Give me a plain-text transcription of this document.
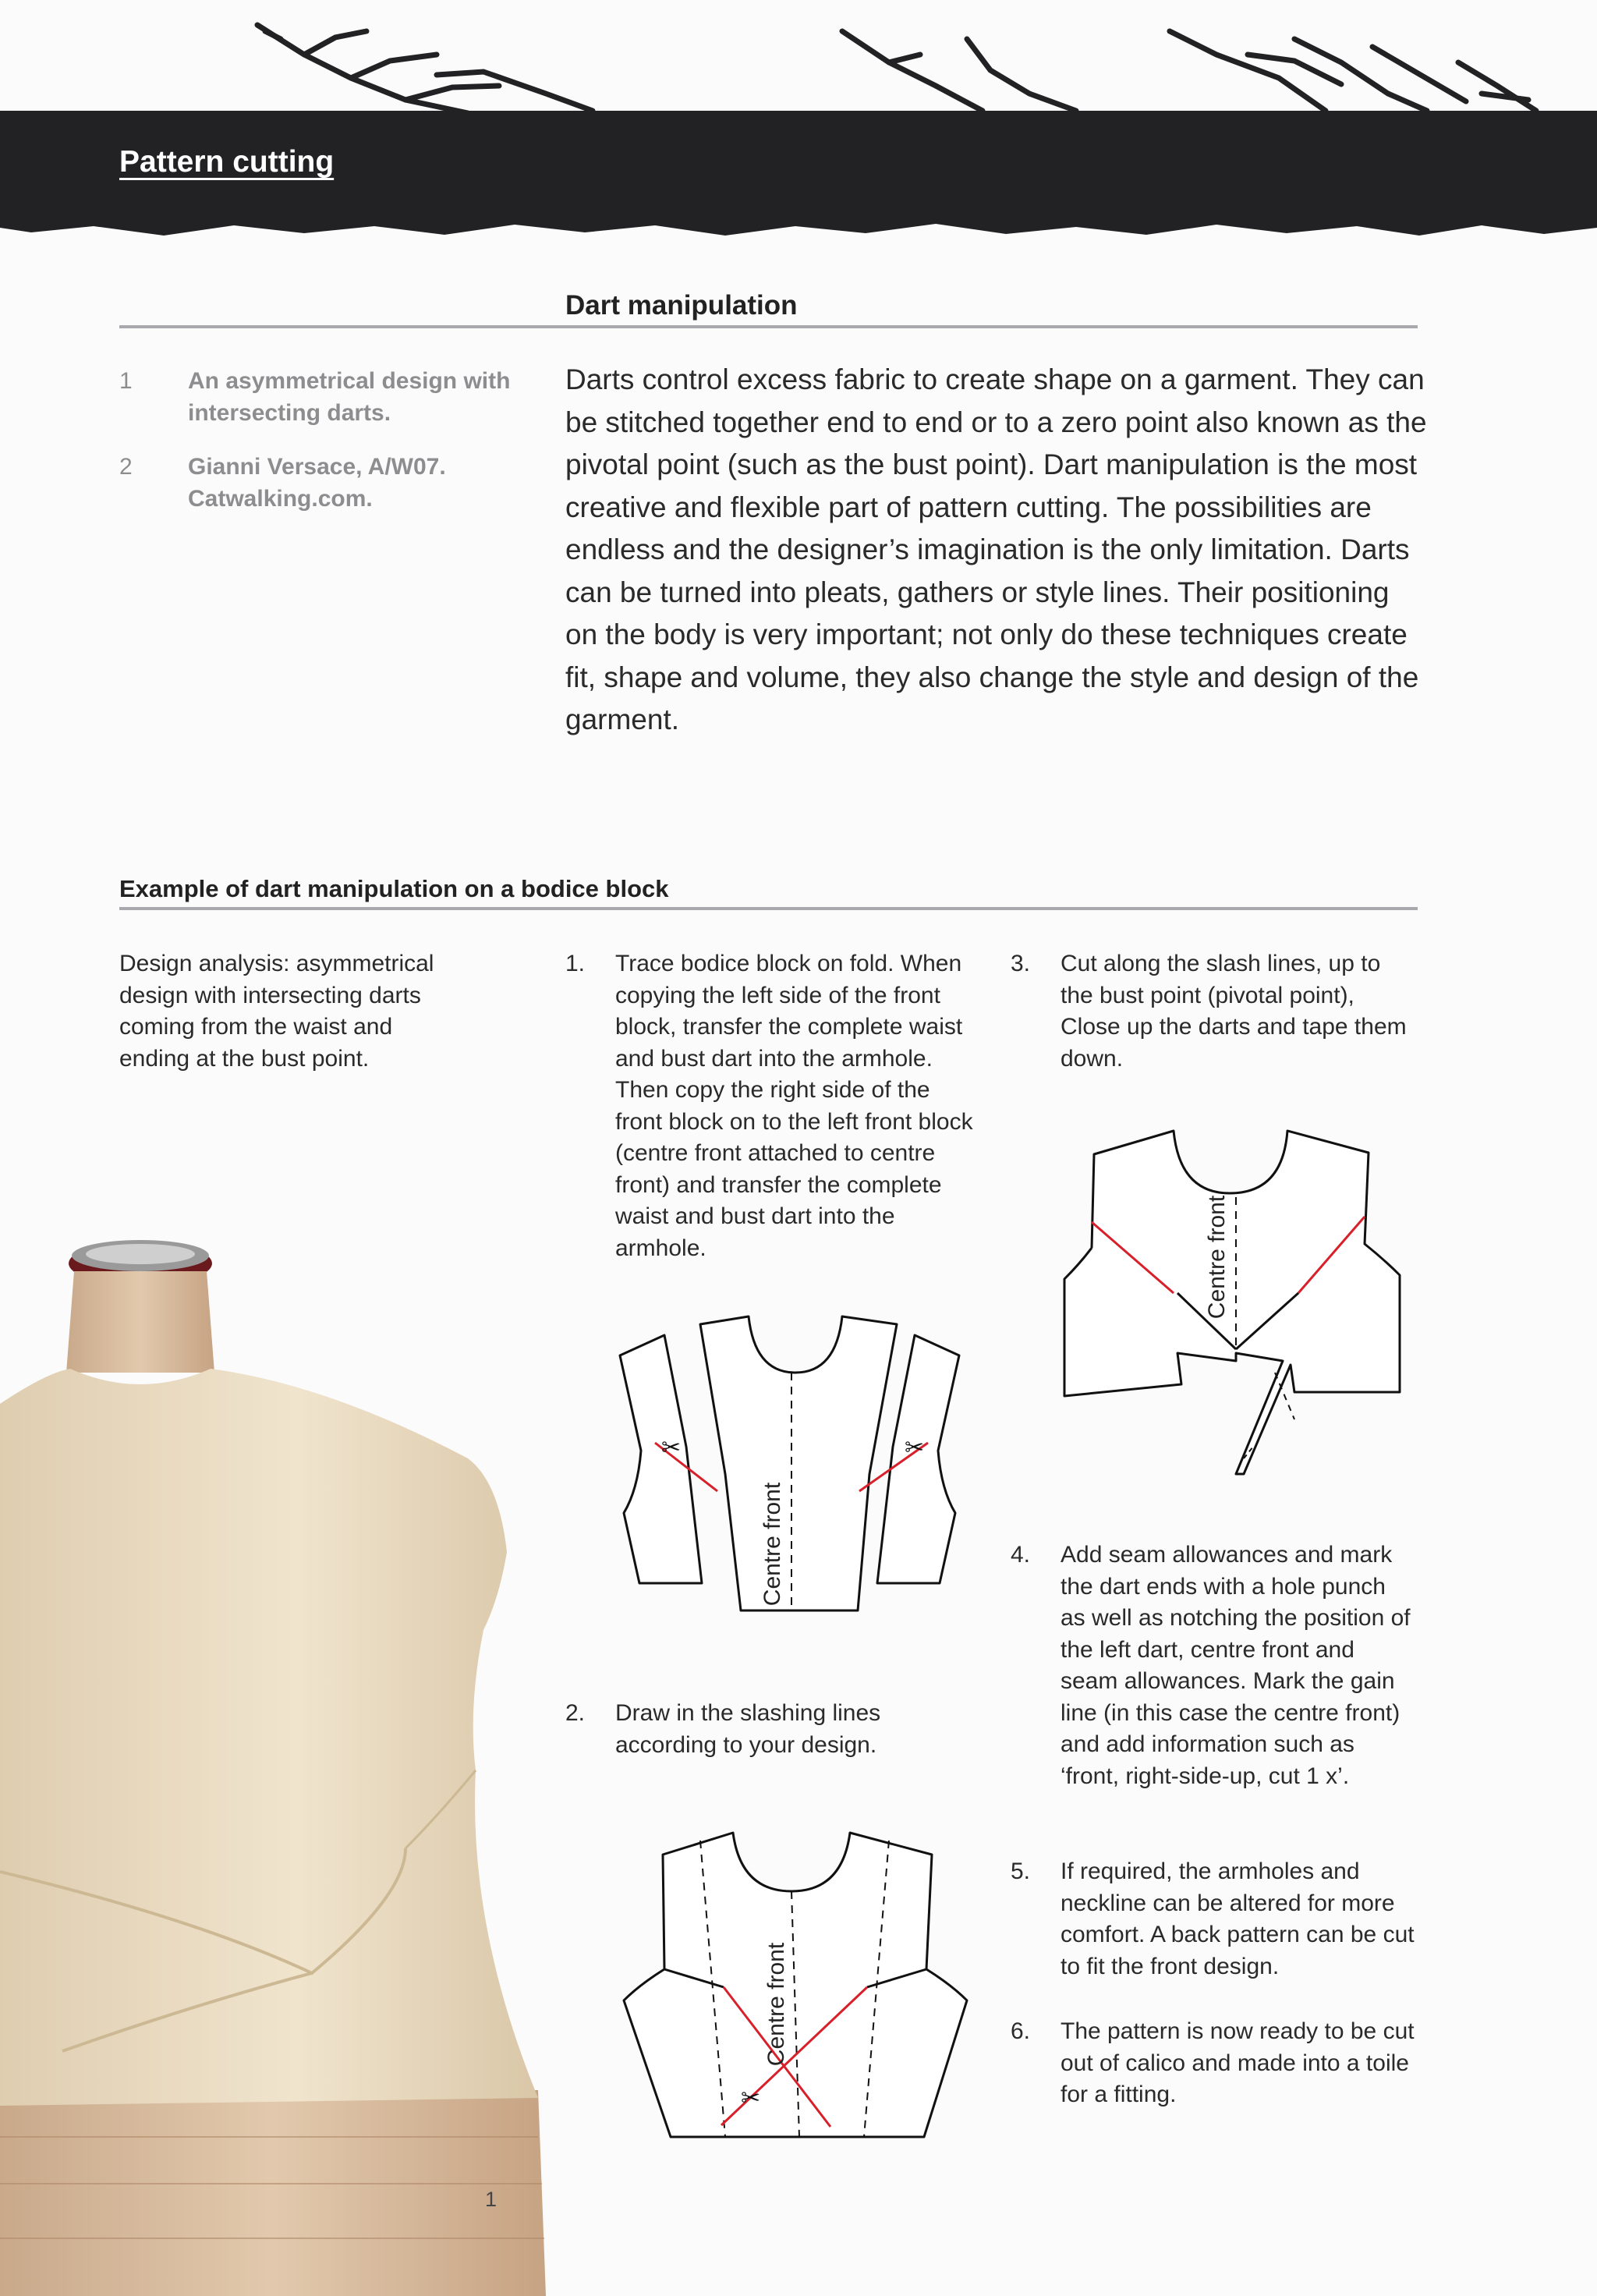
Pattern cutting
Dart manipulation
1	An asymmetrical design with intersecting darts.
2	Gianni Versace, A/W07. Catwalking.com.
Darts control excess fabric to create shape on a garment. They can be stitched together end to end or to a zero point also known as the pivotal point (such as the bust point). Dart manipulation is the most creative and flexible part of pattern cutting. The possibilities are endless and the designer’s imagination is the only limitation. Darts can be turned into pleats, gathers or style lines. Their positioning on the body is very important; not only do these techniques create fit, shape and volume, they also change the style and design of the garment.
Example of dart manipulation on a bodice block
Design analysis: asymmetrical design with intersecting darts coming from the waist and ending at the bust point.
1.	Trace bodice block on fold. When copying the left side of the front block, transfer the complete waist and bust dart into the armhole. Then copy the right side of the front block on to the left front block (centre front attached to centre front) and transfer the complete waist and bust dart into the armhole.
2.	Draw in the slashing lines according to your design.
3.	Cut along the slash lines, up to the bust point (pivotal point), Close up the darts and tape them down.
4.	Add seam allowances and mark the dart ends with a hole punch as well as notching the position of the left dart, centre front and seam allowances. Mark the gain line (in this case the centre front) and add information such as ‘front, right-side-up, cut 1 x’.
5.	If required, the armholes and neckline can be altered for more comfort. A back pattern can be cut to fit the front design.
6.	The pattern is now ready to be cut out of calico and made into a toile for a fitting.
Centre front
✂	✂
Centre front
✂
Centre front
1
